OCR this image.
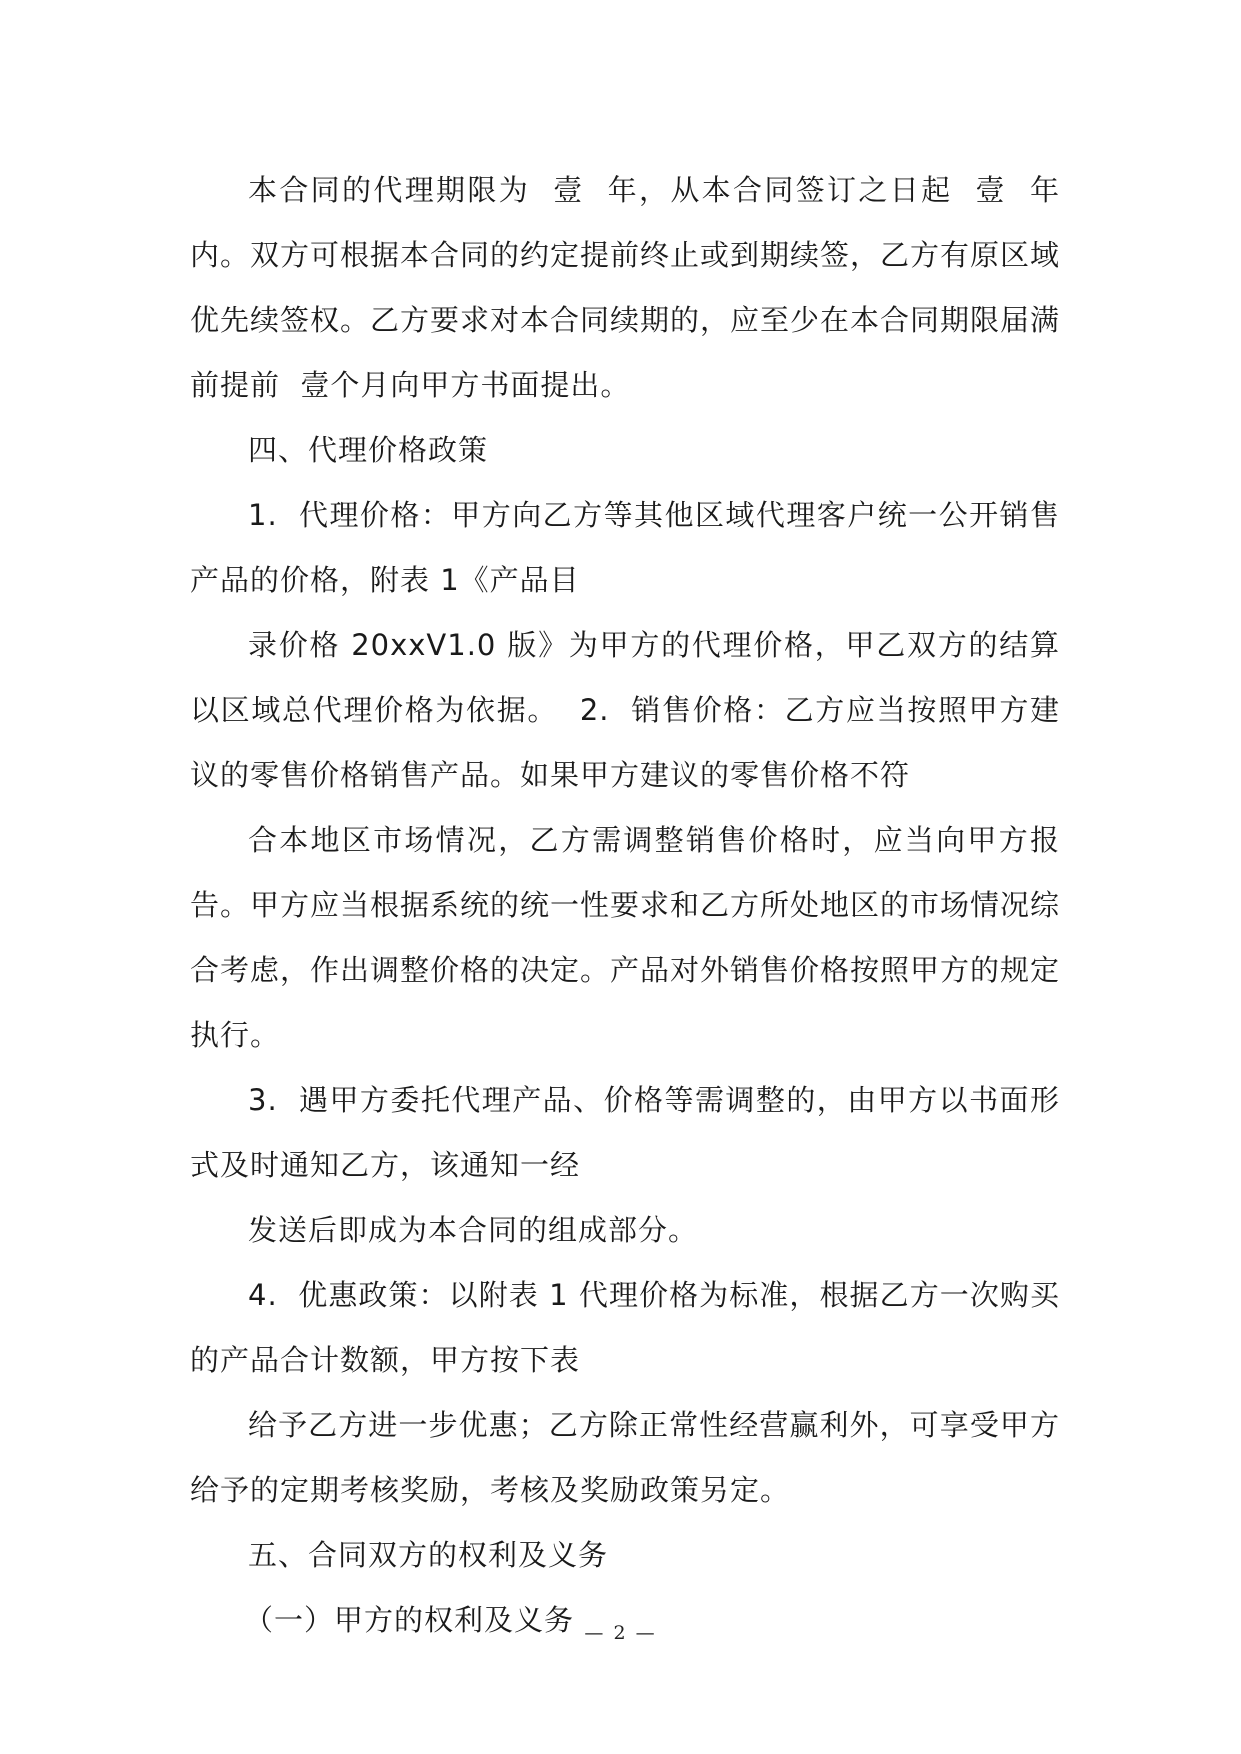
本合同的代理期限为  壹  年，从本合同签订之日起  壹  年内。双方可根据本合同的约定提前终止或到期续签，乙方有原区域优先续签权。乙方要求对本合同续期的，应至少在本合同期限届满前提前  壹个月向甲方书面提出。

四、代理价格政策

1.  代理价格：甲方向乙方等其他区域代理客户统一公开销售产品的价格，附表 1《产品目

录价格 20xxV1.0 版》为甲方的代理价格，甲乙双方的结算以区域总代理价格为依据。  2.  销售价格：乙方应当按照甲方建议的零售价格销售产品。如果甲方建议的零售价格不符

合本地区市场情况，乙方需调整销售价格时，应当向甲方报告。甲方应当根据系统的统一性要求和乙方所处地区的市场情况综合考虑，作出调整价格的决定。产品对外销售价格按照甲方的规定执行。

3.  遇甲方委托代理产品、价格等需调整的，由甲方以书面形式及时通知乙方，该通知一经

发送后即成为本合同的组成部分。

4.  优惠政策：以附表 1 代理价格为标准，根据乙方一次购买的产品合计数额，甲方按下表

给予乙方进一步优惠；乙方除正常性经营赢利外，可享受甲方给予的定期考核奖励，考核及奖励政策另定。

五、合同双方的权利及义务

（一）甲方的权利及义务 — 2 —
